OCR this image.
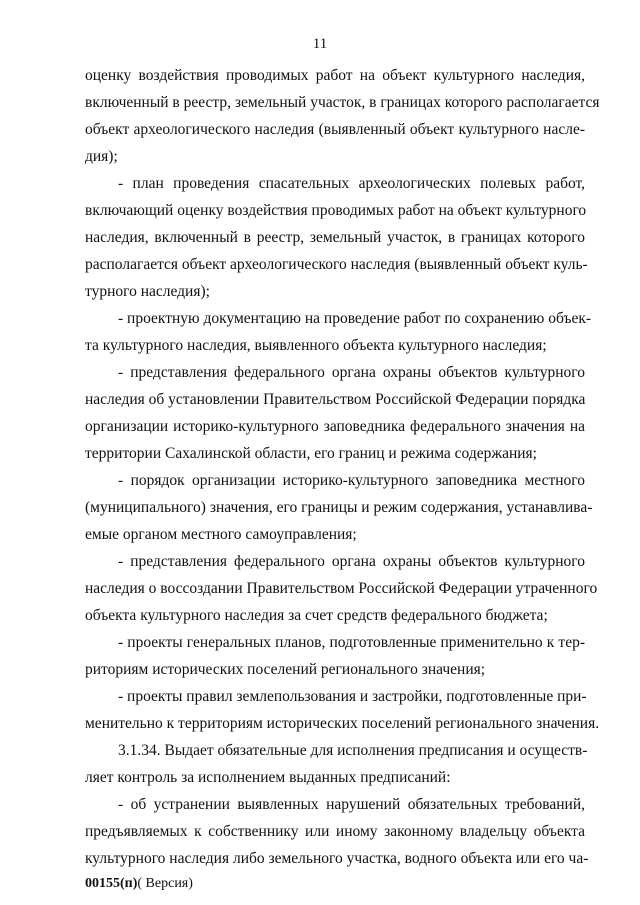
11
оценку воздействия проводимых работ на объект культурного наследия,
включенный в реестр, земельный участок, в границах которого располагается
объект археологического наследия (выявленный объект культурного насле-
дия);
- план проведения спасательных археологических полевых работ,
включающий оценку воздействия проводимых работ на объект культурного
наследия, включенный в реестр, земельный участок, в границах которого
располагается объект археологического наследия (выявленный объект куль-
турного наследия);
- проектную документацию на проведение работ по сохранению объек-
та культурного наследия, выявленного объекта культурного наследия;
- представления федерального органа охраны объектов культурного
наследия об установлении Правительством Российской Федерации порядка
организации историко-культурного заповедника федерального значения на
территории Сахалинской области, его границ и режима содержания;
- порядок организации историко-культурного заповедника местного
(муниципального) значения, его границы и режим содержания, устанавлива-
емые органом местного самоуправления;
- представления федерального органа охраны объектов культурного
наследия о воссоздании Правительством Российской Федерации утраченного
объекта культурного наследия за счет средств федерального бюджета;
- проекты генеральных планов, подготовленные применительно к тер-
риториям исторических поселений регионального значения;
- проекты правил землепользования и застройки, подготовленные при-
менительно к территориям исторических поселений регионального значения.
3.1.34. Выдает обязательные для исполнения предписания и осуществ-
ляет контроль за исполнением выданных предписаний:
- об устранении выявленных нарушений обязательных требований,
предъявляемых к собственнику или иному законному владельцу объекта
культурного наследия либо земельного участка, водного объекта или его ча-
00155(п)( Версия)
